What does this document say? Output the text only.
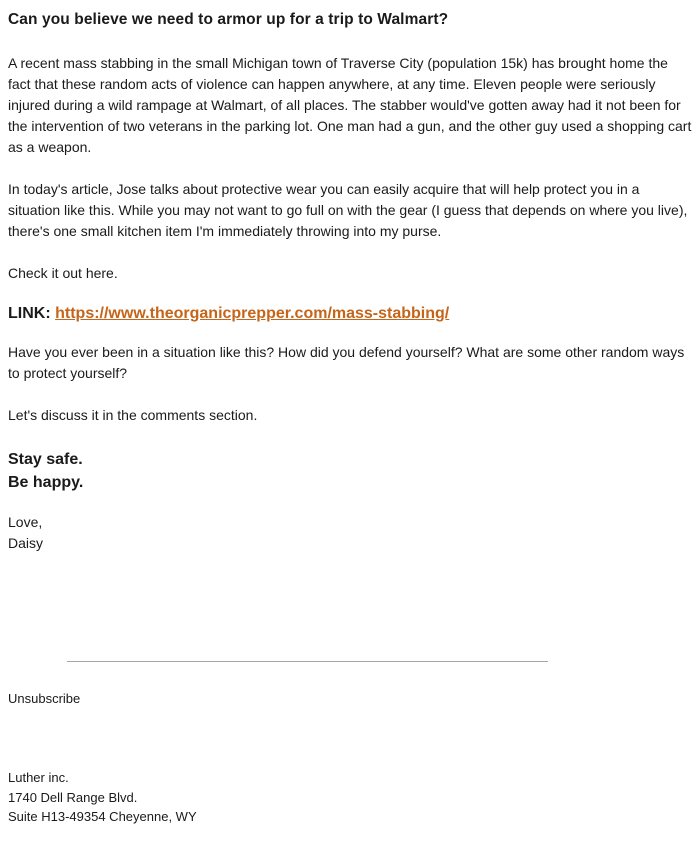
Can you believe we need to armor up for a trip to Walmart?

A recent mass stabbing in the small Michigan town of Traverse City (population 15k) has brought home the fact that these random acts of violence can happen anywhere, at any time. Eleven people were seriously injured during a wild rampage at Walmart, of all places. The stabber would've gotten away had it not been for the intervention of two veterans in the parking lot. One man had a gun, and the other guy used a shopping cart as a weapon.

In today's article, Jose talks about protective wear you can easily acquire that will help protect you in a situation like this. While you may not want to go full on with the gear (I guess that depends on where you live), there's one small kitchen item I'm immediately throwing into my purse.

Check it out here.

LINK: https://www.theorganicprepper.com/mass-stabbing/

Have you ever been in a situation like this? How did you defend yourself? What are some other random ways to protect yourself?

Let's discuss it in the comments section.

Stay safe.
Be happy.
Love,
Daisy
Unsubscribe
Luther inc.
1740 Dell Range Blvd.
Suite H13-49354 Cheyenne, WY
